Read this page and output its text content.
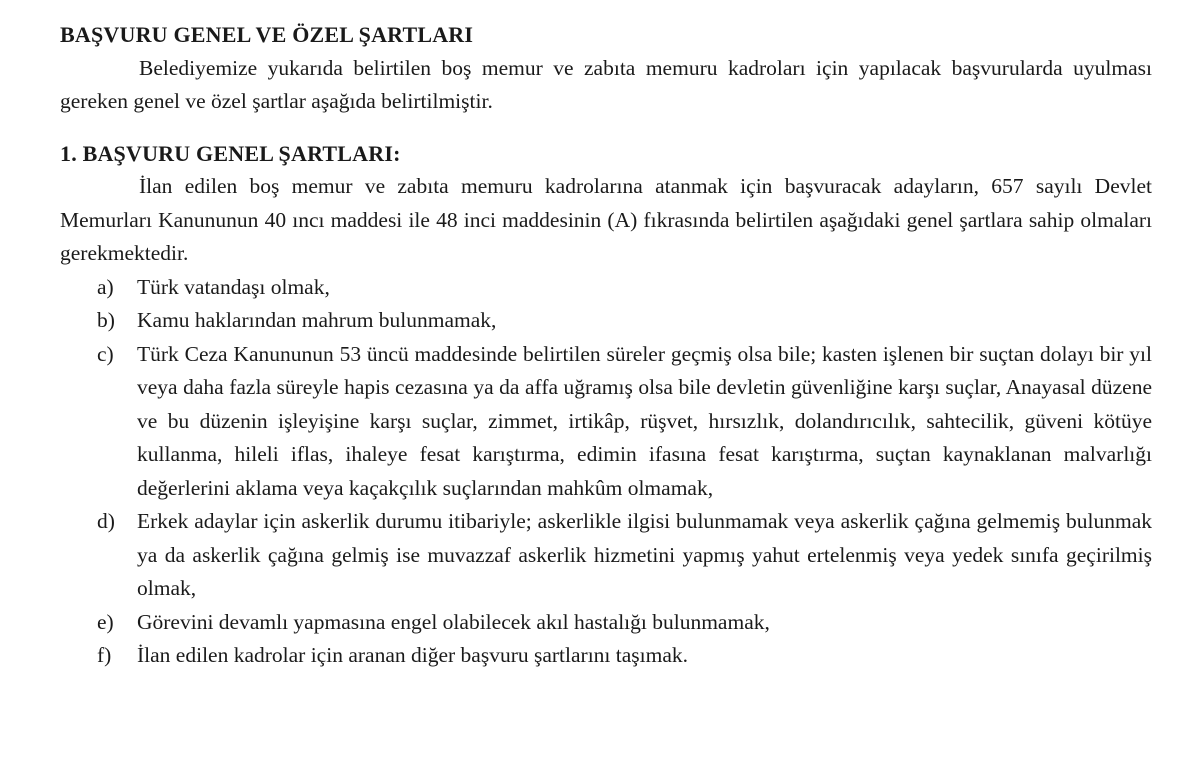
BAŞVURU GENEL VE ÖZEL ŞARTLARI

Belediyemize yukarıda belirtilen boş memur ve zabıta memuru kadroları için yapılacak başvurularda uyulması gereken genel ve özel şartlar aşağıda belirtilmiştir.

1. BAŞVURU GENEL ŞARTLARI:

İlan edilen boş memur ve zabıta memuru kadrolarına atanmak için başvuracak adayların, 657 sayılı Devlet Memurları Kanununun 40 ıncı maddesi ile 48 inci maddesinin (A) fıkrasında belirtilen aşağıdaki genel şartlara sahip olmaları gerekmektedir.

a) Türk vatandaşı olmak,
b) Kamu haklarından mahrum bulunmamak,
c) Türk Ceza Kanununun 53 üncü maddesinde belirtilen süreler geçmiş olsa bile; kasten işlenen bir suçtan dolayı bir yıl veya daha fazla süreyle hapis cezasına ya da affa uğramış olsa bile devletin güvenliğine karşı suçlar, Anayasal düzene ve bu düzenin işleyişine karşı suçlar, zimmet, irtikâp, rüşvet, hırsızlık, dolandırıcılık, sahtecilik, güveni kötüye kullanma, hileli iflas, ihaleye fesat karıştırma, edimin ifasına fesat karıştırma, suçtan kaynaklanan malvarlığı değerlerini aklama veya kaçakçılık suçlarından mahkûm olmamak,
d) Erkek adaylar için askerlik durumu itibariyle; askerlikle ilgisi bulunmamak veya askerlik çağına gelmemiş bulunmak ya da askerlik çağına gelmiş ise muvazzaf askerlik hizmetini yapmış yahut ertelenmiş veya yedek sınıfa geçirilmiş olmak,
e) Görevini devamlı yapmasına engel olabilecek akıl hastalığı bulunmamak,
f) İlan edilen kadrolar için aranan diğer başvuru şartlarını taşımak.
